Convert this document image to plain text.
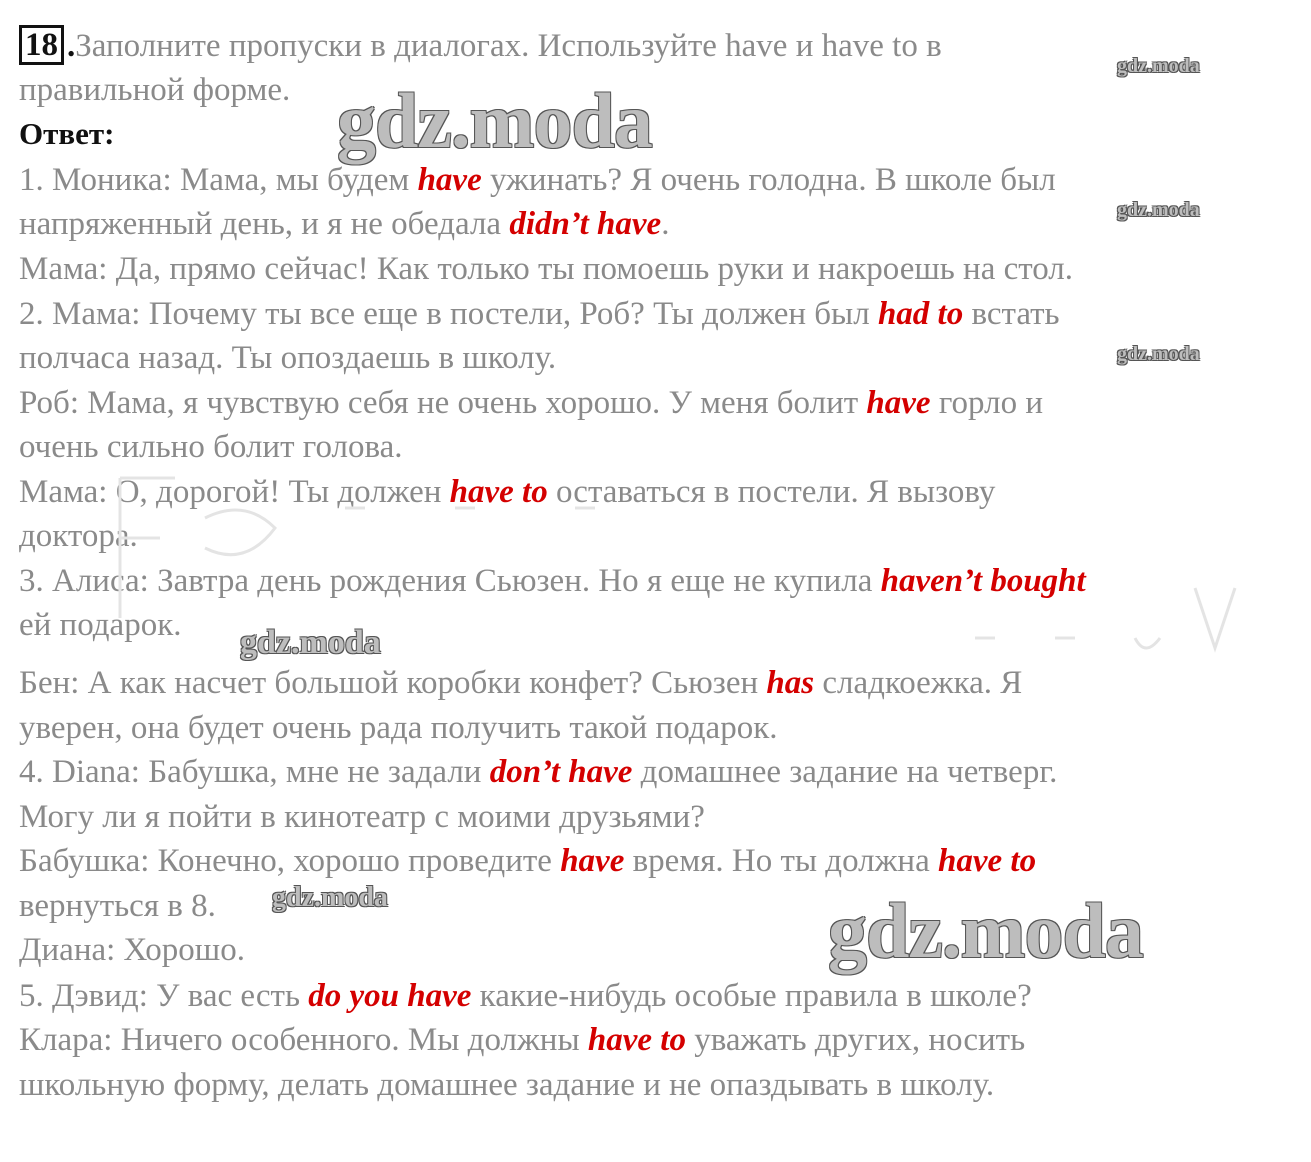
18 .Заполните пропуски в диалогах. Используйте have и have to в
правильной форме.
Ответ:
1. Моника: Мама, мы будем have ужинать? Я очень голодна. В школе был
напряженный день, и я не обедала didn’t have.
Мама: Да, прямо сейчас! Как только ты помоешь руки и накроешь на стол.
2. Мама: Почему ты все еще в постели, Роб? Ты должен был had to встать
полчаса назад. Ты опоздаешь в школу.
Роб: Мама, я чувствую себя не очень хорошо. У меня болит have горло и
очень сильно болит голова.
Мама: О, дорогой! Ты должен have to оставаться в постели. Я вызову
доктора.
3. Алиса: Завтра день рождения Сьюзен. Но я еще не купила haven’t bought
ей подарок.
Бен: А как насчет большой коробки конфет? Сьюзен has сладкоежка. Я
уверен, она будет очень рада получить такой подарок.
4. Diana: Бабушка, мне не задали don’t have домашнее задание на четверг.
Могу ли я пойти в кинотеатр с моими друзьями?
Бабушка: Конечно, хорошо проведите have время. Но ты должна have to
вернуться в 8.
Диана: Хорошо.
5. Дэвид: У вас есть do you have какие-нибудь особые правила в школе?
Клара: Ничего особенного. Мы должны have to уважать других, носить
школьную форму, делать домашнее задание и не опаздывать в школу.
gdz.moda
gdz.moda
gdz.moda
gdz.moda
gdz.moda
gdz.moda
gdz.moda
